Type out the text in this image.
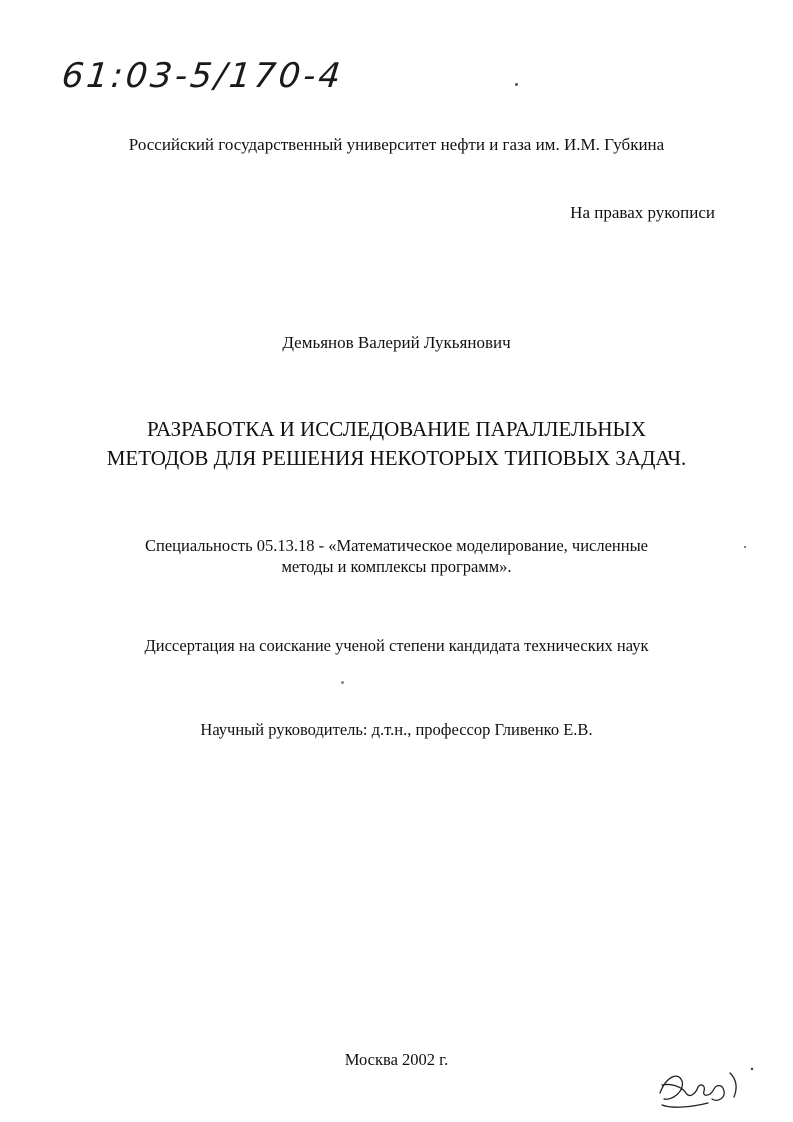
61:03-5/170-4
Российский государственный университет нефти и газа им. И.М. Губкина
На правах рукописи
Демьянов Валерий Лукьянович
РАЗРАБОТКА И ИССЛЕДОВАНИЕ ПАРАЛЛЕЛЬНЫХ
МЕТОДОВ ДЛЯ РЕШЕНИЯ НЕКОТОРЫХ ТИПОВЫХ ЗАДАЧ.
Специальность 05.13.18 - «Математическое моделирование, численные
методы и комплексы программ».
Диссертация на соискание ученой степени кандидата технических наук
Научный руководитель: д.т.н., профессор Гливенко Е.В.
Москва 2002 г.
